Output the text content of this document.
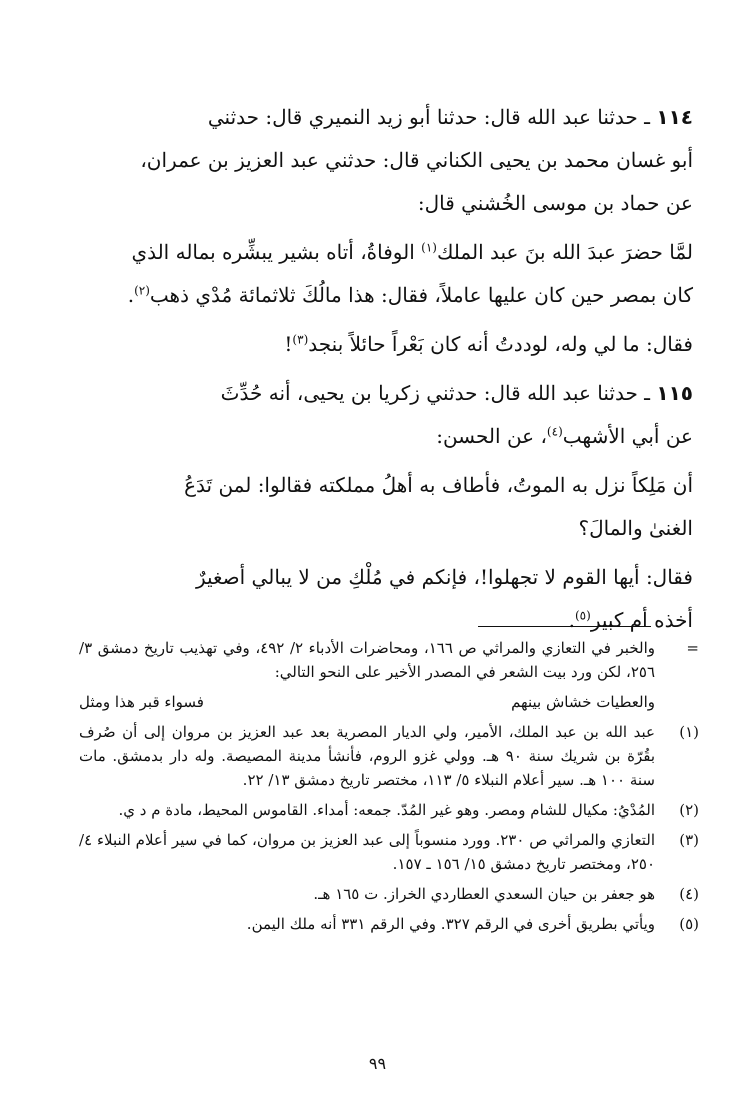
١١٤ ـ حدثنا عبد الله قال: حدثنا أبو زيد النميري قال: حدثني
أبو غسان محمد بن يحيى الكناني قال: حدثني عبد العزيز بن عمران،
عن حماد بن موسى الخُشني قال:

لمَّا حضرَ عبدَ الله بنَ عبد الملك$^{(١)}$ الوفاةُ، أتاه بشير يبشِّره بماله الذي
كان بمصر حين كان عليها عاملاً، فقال: هذا مالُكَ ثلاثمائة مُدْي ذهب$^{(٢)}$.

فقال: ما لي وله، لوددتُ أنه كان بَعْراً حائلاً بنجد$^{(٣)}$!

١١٥ ـ حدثنا عبد الله قال: حدثني زكريا بن يحيى، أنه حُدِّثَ
عن أبي الأشهب$^{(٤)}$، عن الحسن:

أن مَلِكاً نزل به الموتُ، فأطاف به أهلُ مملكته فقالوا: لمن تَدَعُ
الغنىٰ والمالَ؟

فقال: أيها القوم لا تجهلوا!، فإنكم في مُلْكِ من لا يبالي أصغيرٌ
أخذه أم كبير$^{(٥)}$.

=
والخبر في التعازي والمراثي ص ١٦٦، ومحاضرات الأدباء ٢/ ٤٩٢، وفي تهذيب تاريخ دمشق ٣/ ٢٥٦، لكن ورد بيت الشعر في المصدر الأخير على النحو التالي:
والعطيات خشاش بينهم
فسواء قبر هذا ومثل
(١)
عبد الله بن عبد الملك، الأمير، ولي الديار المصرية بعد عبد العزيز بن مروان إلى أن صُرف بقُرّة بن شريك سنة ٩٠ هـ. وولي غزو الروم، فأنشأ مدينة المصيصة. وله دار بدمشق. مات سنة ١٠٠ هـ. سير أعلام النبلاء ٥/ ١١٣، مختصر تاريخ دمشق ١٣/ ٢٢.
(٢)
المُدْيُ: مكيال للشام ومصر. وهو غير المُدّ. جمعه: أمداء. القاموس المحيط، مادة م د ي.
(٣)
التعازي والمراثي ص ٢٣٠. وورد منسوباً إلى عبد العزيز بن مروان، كما في سير أعلام النبلاء ٤/ ٢٥٠، ومختصر تاريخ دمشق ١٥/ ١٥٦ ـ ١٥٧.
(٤)
هو جعفر بن حيان السعدي العطاردي الخراز. ت ١٦٥ هـ.
(٥)
ويأتي بطريق أخرى في الرقم ٣٢٧. وفي الرقم ٣٣١ أنه ملك اليمن.
٩٩
